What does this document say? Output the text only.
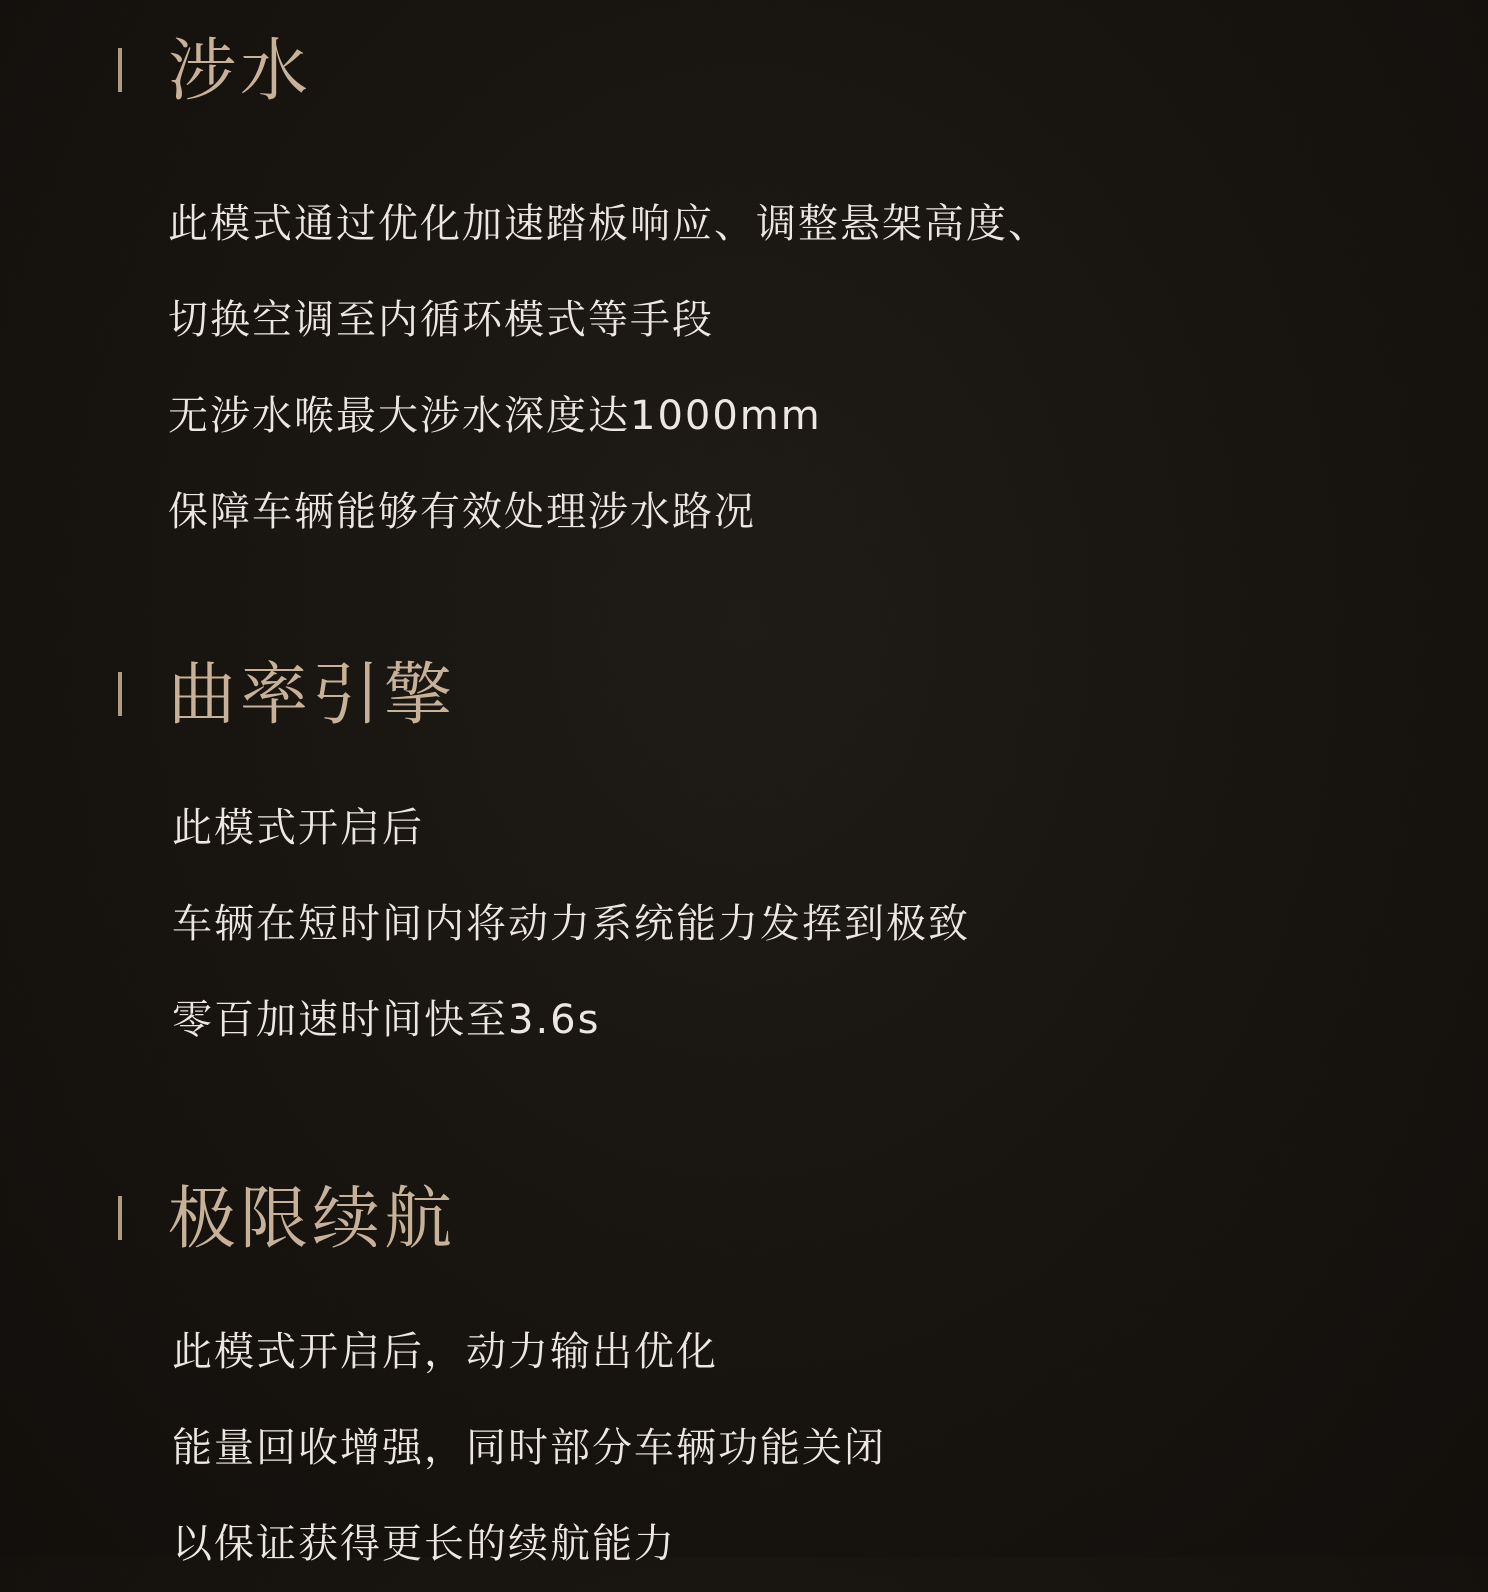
涉水
此模式通过优化加速踏板响应、调整悬架高度、
切换空调至内循环模式等手段
无涉水喉最大涉水深度达1000mm
保障车辆能够有效处理涉水路况
曲率引擎
此模式开启后
车辆在短时间内将动力系统能力发挥到极致
零百加速时间快至3.6s
极限续航
此模式开启后，动力输出优化
能量回收增强，同时部分车辆功能关闭
以保证获得更长的续航能力
